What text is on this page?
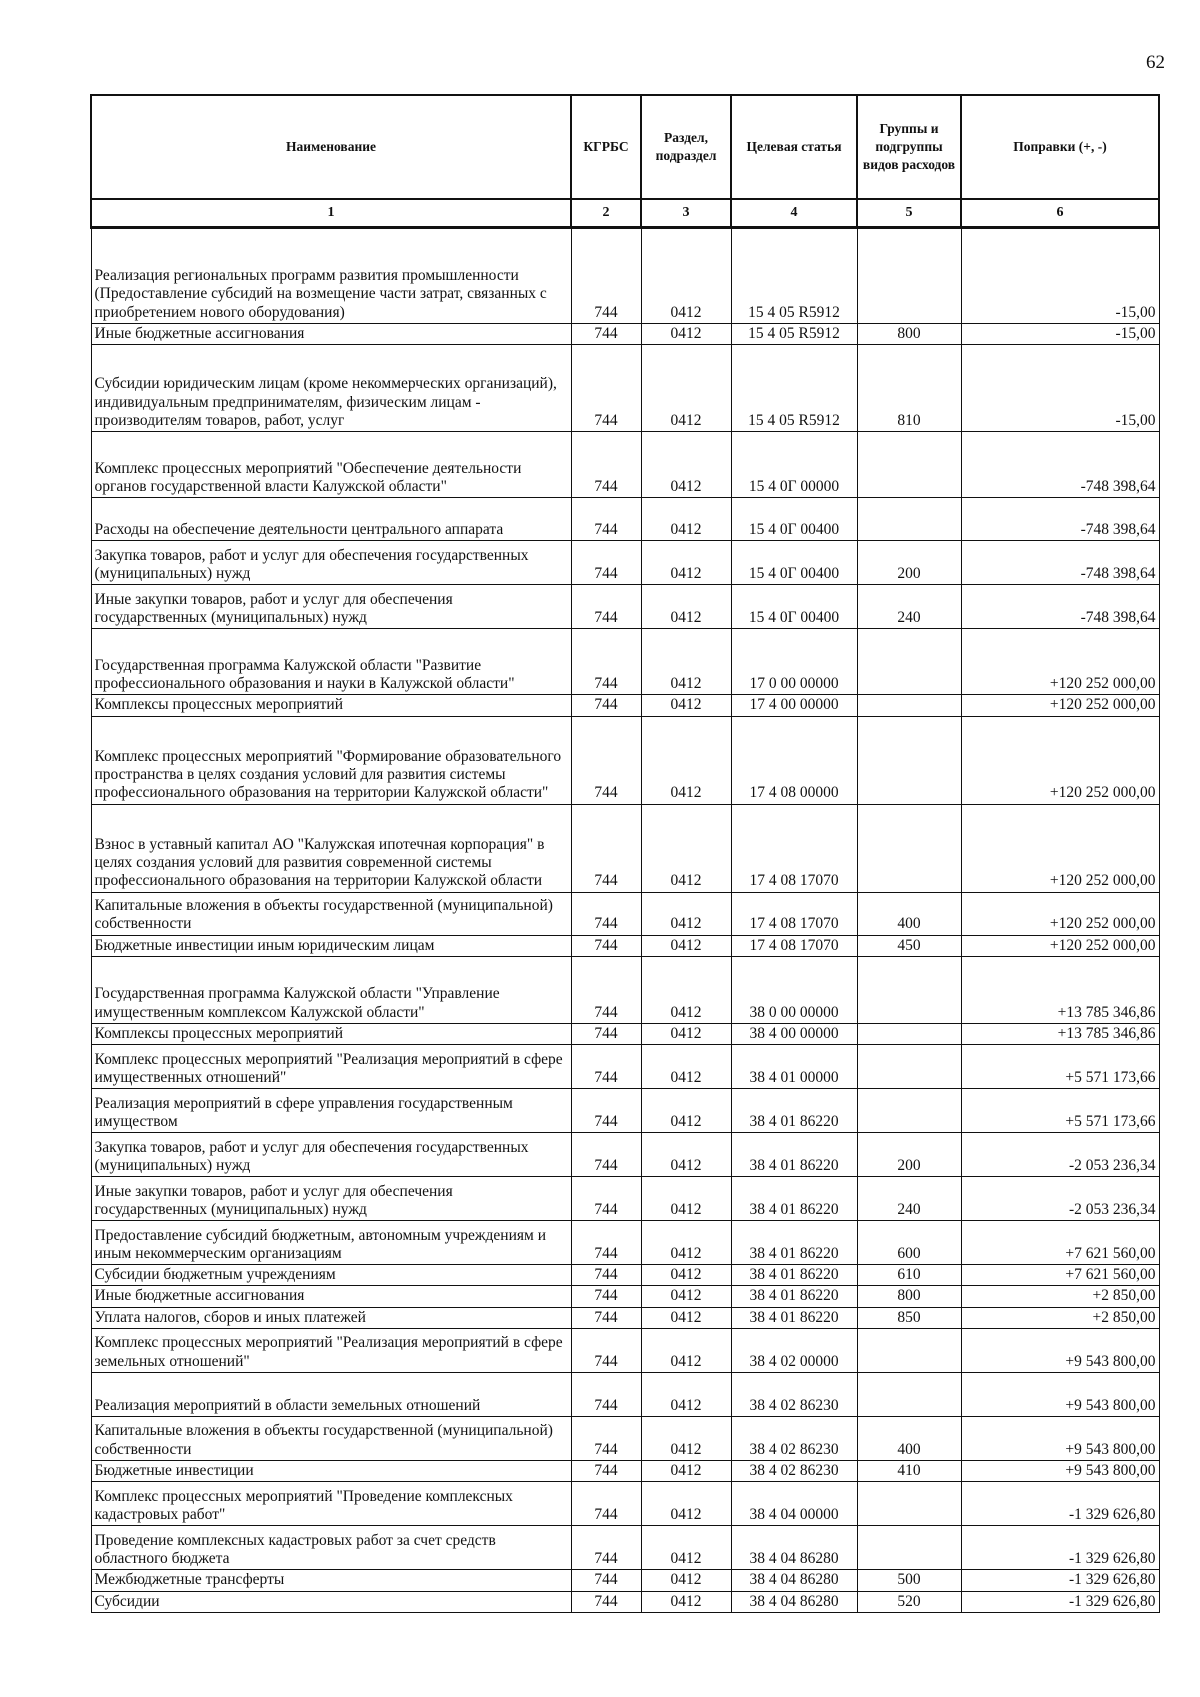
62
Наименование	КГРБС	Раздел, подраздел	Целевая статья	Группы и подгруппы видов расходов	Поправки (+, -)
1	2	3	4	5	6
Реализация региональных программ развития промышленности (Предоставление субсидий на возмещение части затрат, связанных с приобретением нового оборудования)	744	0412	15 4 05 R5912		-15,00
Иные бюджетные ассигнования	744	0412	15 4 05 R5912	800	-15,00
Субсидии юридическим лицам (кроме некоммерческих организаций), индивидуальным предпринимателям, физическим лицам - производителям товаров, работ, услуг	744	0412	15 4 05 R5912	810	-15,00
Комплекс процессных мероприятий "Обеспечение деятельности органов государственной власти Калужской области"	744	0412	15 4 0Г 00000		-748 398,64
Расходы на обеспечение деятельности центрального аппарата	744	0412	15 4 0Г 00400		-748 398,64
Закупка товаров, работ и услуг для обеспечения государственных (муниципальных) нужд	744	0412	15 4 0Г 00400	200	-748 398,64
Иные закупки товаров, работ и услуг для обеспечения государственных (муниципальных) нужд	744	0412	15 4 0Г 00400	240	-748 398,64
Государственная программа Калужской области "Развитие профессионального образования и науки в Калужской области"	744	0412	17 0 00 00000		+120 252 000,00
Комплексы процессных мероприятий	744	0412	17 4 00 00000		+120 252 000,00
Комплекс процессных мероприятий "Формирование образовательного пространства в целях создания условий для развития системы профессионального образования на территории Калужской области"	744	0412	17 4 08 00000		+120 252 000,00
Взнос в уставный капитал АО "Калужская ипотечная корпорация" в целях создания условий для развития современной системы профессионального образования на территории Калужской области	744	0412	17 4 08 17070		+120 252 000,00
Капитальные вложения в объекты государственной (муниципальной) собственности	744	0412	17 4 08 17070	400	+120 252 000,00
Бюджетные инвестиции иным юридическим лицам	744	0412	17 4 08 17070	450	+120 252 000,00
Государственная программа Калужской области "Управление имущественным комплексом Калужской области"	744	0412	38 0 00 00000		+13 785 346,86
Комплексы процессных мероприятий	744	0412	38 4 00 00000		+13 785 346,86
Комплекс процессных мероприятий "Реализация мероприятий в сфере имущественных отношений"	744	0412	38 4 01 00000		+5 571 173,66
Реализация мероприятий в сфере управления государственным имуществом	744	0412	38 4 01 86220		+5 571 173,66
Закупка товаров, работ и услуг для обеспечения государственных (муниципальных) нужд	744	0412	38 4 01 86220	200	-2 053 236,34
Иные закупки товаров, работ и услуг для обеспечения государственных (муниципальных) нужд	744	0412	38 4 01 86220	240	-2 053 236,34
Предоставление субсидий бюджетным, автономным учреждениям и иным некоммерческим организациям	744	0412	38 4 01 86220	600	+7 621 560,00
Субсидии бюджетным учреждениям	744	0412	38 4 01 86220	610	+7 621 560,00
Иные бюджетные ассигнования	744	0412	38 4 01 86220	800	+2 850,00
Уплата налогов, сборов и иных платежей	744	0412	38 4 01 86220	850	+2 850,00
Комплекс процессных мероприятий "Реализация мероприятий в сфере земельных отношений"	744	0412	38 4 02 00000		+9 543 800,00
Реализация мероприятий в области земельных отношений	744	0412	38 4 02 86230		+9 543 800,00
Капитальные вложения в объекты государственной (муниципальной) собственности	744	0412	38 4 02 86230	400	+9 543 800,00
Бюджетные инвестиции	744	0412	38 4 02 86230	410	+9 543 800,00
Комплекс процессных мероприятий "Проведение комплексных кадастровых работ"	744	0412	38 4 04 00000		-1 329 626,80
Проведение комплексных кадастровых работ за счет средств областного бюджета	744	0412	38 4 04 86280		-1 329 626,80
Межбюджетные трансферты	744	0412	38 4 04 86280	500	-1 329 626,80
Субсидии	744	0412	38 4 04 86280	520	-1 329 626,80
